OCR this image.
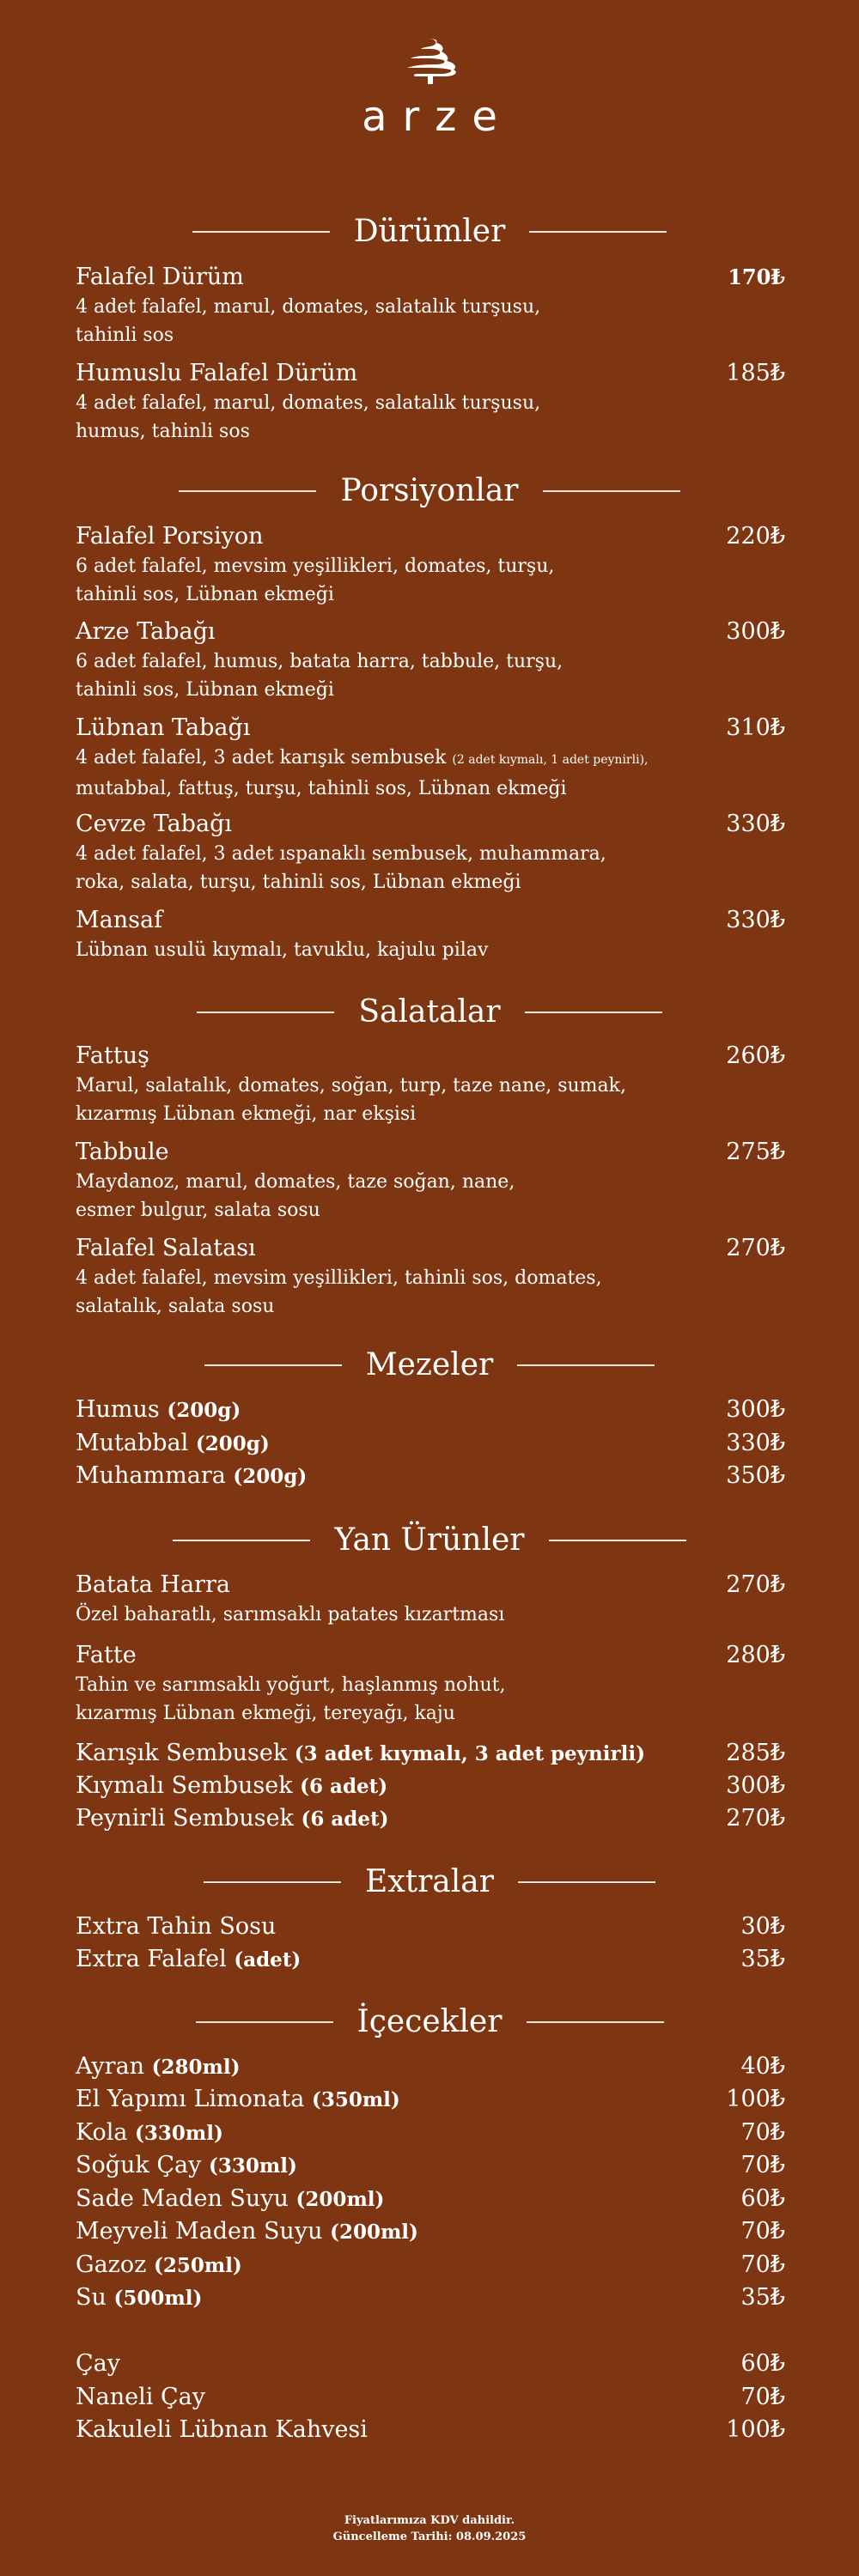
arze
Dürümler
Falafel Dürüm	170₺
4 adet falafel, marul, domates, salatalık turşusu, tahinli sos
Humuslu Falafel Dürüm	185₺
4 adet falafel, marul, domates, salatalık turşusu, humus, tahinli sos
Porsiyonlar
Falafel Porsiyon	220₺
6 adet falafel, mevsim yeşillikleri, domates, turşu, tahinli sos, Lübnan ekmeği
Arze Tabağı	300₺
6 adet falafel, humus, batata harra, tabbule, turşu, tahinli sos, Lübnan ekmeği
Lübnan Tabağı	310₺
4 adet falafel, 3 adet karışık sembusek (2 adet kıymalı, 1 adet peynirli),
mutabbal, fattuş, turşu, tahinli sos, Lübnan ekmeği
Cevze Tabağı	330₺
4 adet falafel, 3 adet ıspanaklı sembusek, muhammara, roka, salata, turşu, tahinli sos, Lübnan ekmeği
Mansaf	330₺
Lübnan usulü kıymalı, tavuklu, kajulu pilav
Salatalar
Fattuş	260₺
Marul, salatalık, domates, soğan, turp, taze nane, sumak, kızarmış Lübnan ekmeği, nar ekşisi
Tabbule	275₺
Maydanoz, marul, domates, taze soğan, nane, esmer bulgur, salata sosu
Falafel Salatası	270₺
4 adet falafel, mevsim yeşillikleri, tahinli sos, domates, salatalık, salata sosu
Mezeler
Humus (200g)	300₺
Mutabbal (200g)	330₺
Muhammara (200g)	350₺
Yan Ürünler
Batata Harra	270₺
Özel baharatlı, sarımsaklı patates kızartması
Fatte	280₺
Tahin ve sarımsaklı yoğurt, haşlanmış nohut, kızarmış Lübnan ekmeği, tereyağı, kaju
Karışık Sembusek (3 adet kıymalı, 3 adet peynirli)	285₺
Kıymalı Sembusek (6 adet)	300₺
Peynirli Sembusek (6 adet)	270₺
Extralar
Extra Tahin Sosu	30₺
Extra Falafel (adet)	35₺
İçecekler
Ayran (280ml)	40₺
El Yapımı Limonata (350ml)	100₺
Kola (330ml)	70₺
Soğuk Çay (330ml)	70₺
Sade Maden Suyu (200ml)	60₺
Meyveli Maden Suyu (200ml)	70₺
Gazoz (250ml)	70₺
Su (500ml)	35₺
Çay	60₺
Naneli Çay	70₺
Kakuleli Lübnan Kahvesi	100₺
Fiyatlarımıza KDV dahildir.
Güncelleme Tarihi: 08.09.2025
